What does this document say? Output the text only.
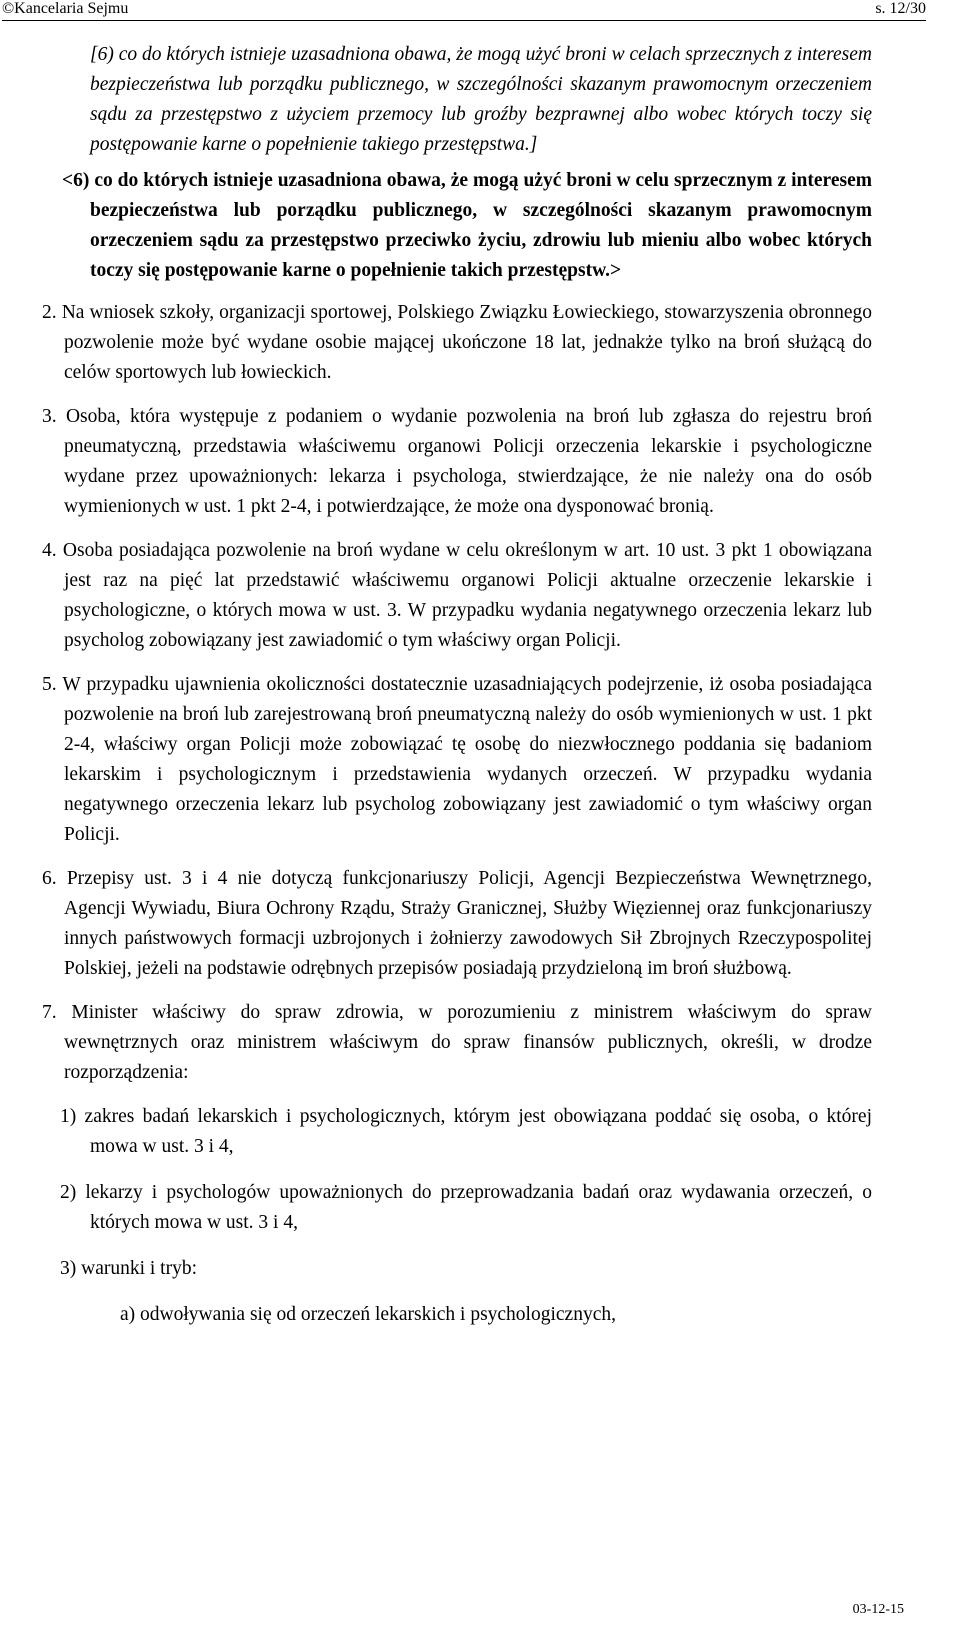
©Kancelaria Sejmu	s. 12/30

[6) co do których istnieje uzasadniona obawa, że mogą użyć broni w celach sprzecznych z interesem bezpieczeństwa lub porządku publicznego, w szczególności skazanym prawomocnym orzeczeniem sądu za przestępstwo z użyciem przemocy lub groźby bezprawnej albo wobec których toczy się postępowanie karne o popełnienie takiego przestępstwa.]

<6) co do których istnieje uzasadniona obawa, że mogą użyć broni w celu sprzecznym z interesem bezpieczeństwa lub porządku publicznego, w szczególności skazanym prawomocnym orzeczeniem sądu za przestępstwo przeciwko życiu, zdrowiu lub mieniu albo wobec których toczy się postępowanie karne o popełnienie takich przestępstw.>

2. Na wniosek szkoły, organizacji sportowej, Polskiego Związku Łowieckiego, stowarzyszenia obronnego pozwolenie może być wydane osobie mającej ukończone 18 lat, jednakże tylko na broń służącą do celów sportowych lub łowieckich.

3. Osoba, która występuje z podaniem o wydanie pozwolenia na broń lub zgłasza do rejestru broń pneumatyczną, przedstawia właściwemu organowi Policji orzeczenia lekarskie i psychologiczne wydane przez upoważnionych: lekarza i psychologa, stwierdzające, że nie należy ona do osób wymienionych w ust. 1 pkt 2-4, i potwierdzające, że może ona dysponować bronią.

4. Osoba posiadająca pozwolenie na broń wydane w celu określonym w art. 10 ust. 3 pkt 1 obowiązana jest raz na pięć lat przedstawić właściwemu organowi Policji aktualne orzeczenie lekarskie i psychologiczne, o których mowa w ust. 3. W przypadku wydania negatywnego orzeczenia lekarz lub psycholog zobowiązany jest zawiadomić o tym właściwy organ Policji.

5. W przypadku ujawnienia okoliczności dostatecznie uzasadniających podejrzenie, iż osoba posiadająca pozwolenie na broń lub zarejestrowaną broń pneumatyczną należy do osób wymienionych w ust. 1 pkt 2-4, właściwy organ Policji może zobowiązać tę osobę do niezwłocznego poddania się badaniom lekarskim i psychologicznym i przedstawienia wydanych orzeczeń. W przypadku wydania negatywnego orzeczenia lekarz lub psycholog zobowiązany jest zawiadomić o tym właściwy organ Policji.

6. Przepisy ust. 3 i 4 nie dotyczą funkcjonariuszy Policji, Agencji Bezpieczeństwa Wewnętrznego, Agencji Wywiadu, Biura Ochrony Rządu, Straży Granicznej, Służby Więziennej oraz funkcjonariuszy innych państwowych formacji uzbrojonych i żołnierzy zawodowych Sił Zbrojnych Rzeczypospolitej Polskiej, jeżeli na podstawie odrębnych przepisów posiadają przydzieloną im broń służbową.

7. Minister właściwy do spraw zdrowia, w porozumieniu z ministrem właściwym do spraw wewnętrznych oraz ministrem właściwym do spraw finansów publicznych, określi, w drodze rozporządzenia:

1) zakres badań lekarskich i psychologicznych, którym jest obowiązana poddać się osoba, o której mowa w ust. 3 i 4,

2) lekarzy i psychologów upoważnionych do przeprowadzania badań oraz wydawania orzeczeń, o których mowa w ust. 3 i 4,

3) warunki i tryb:

a) odwoływania się od orzeczeń lekarskich i psychologicznych,

03-12-15
